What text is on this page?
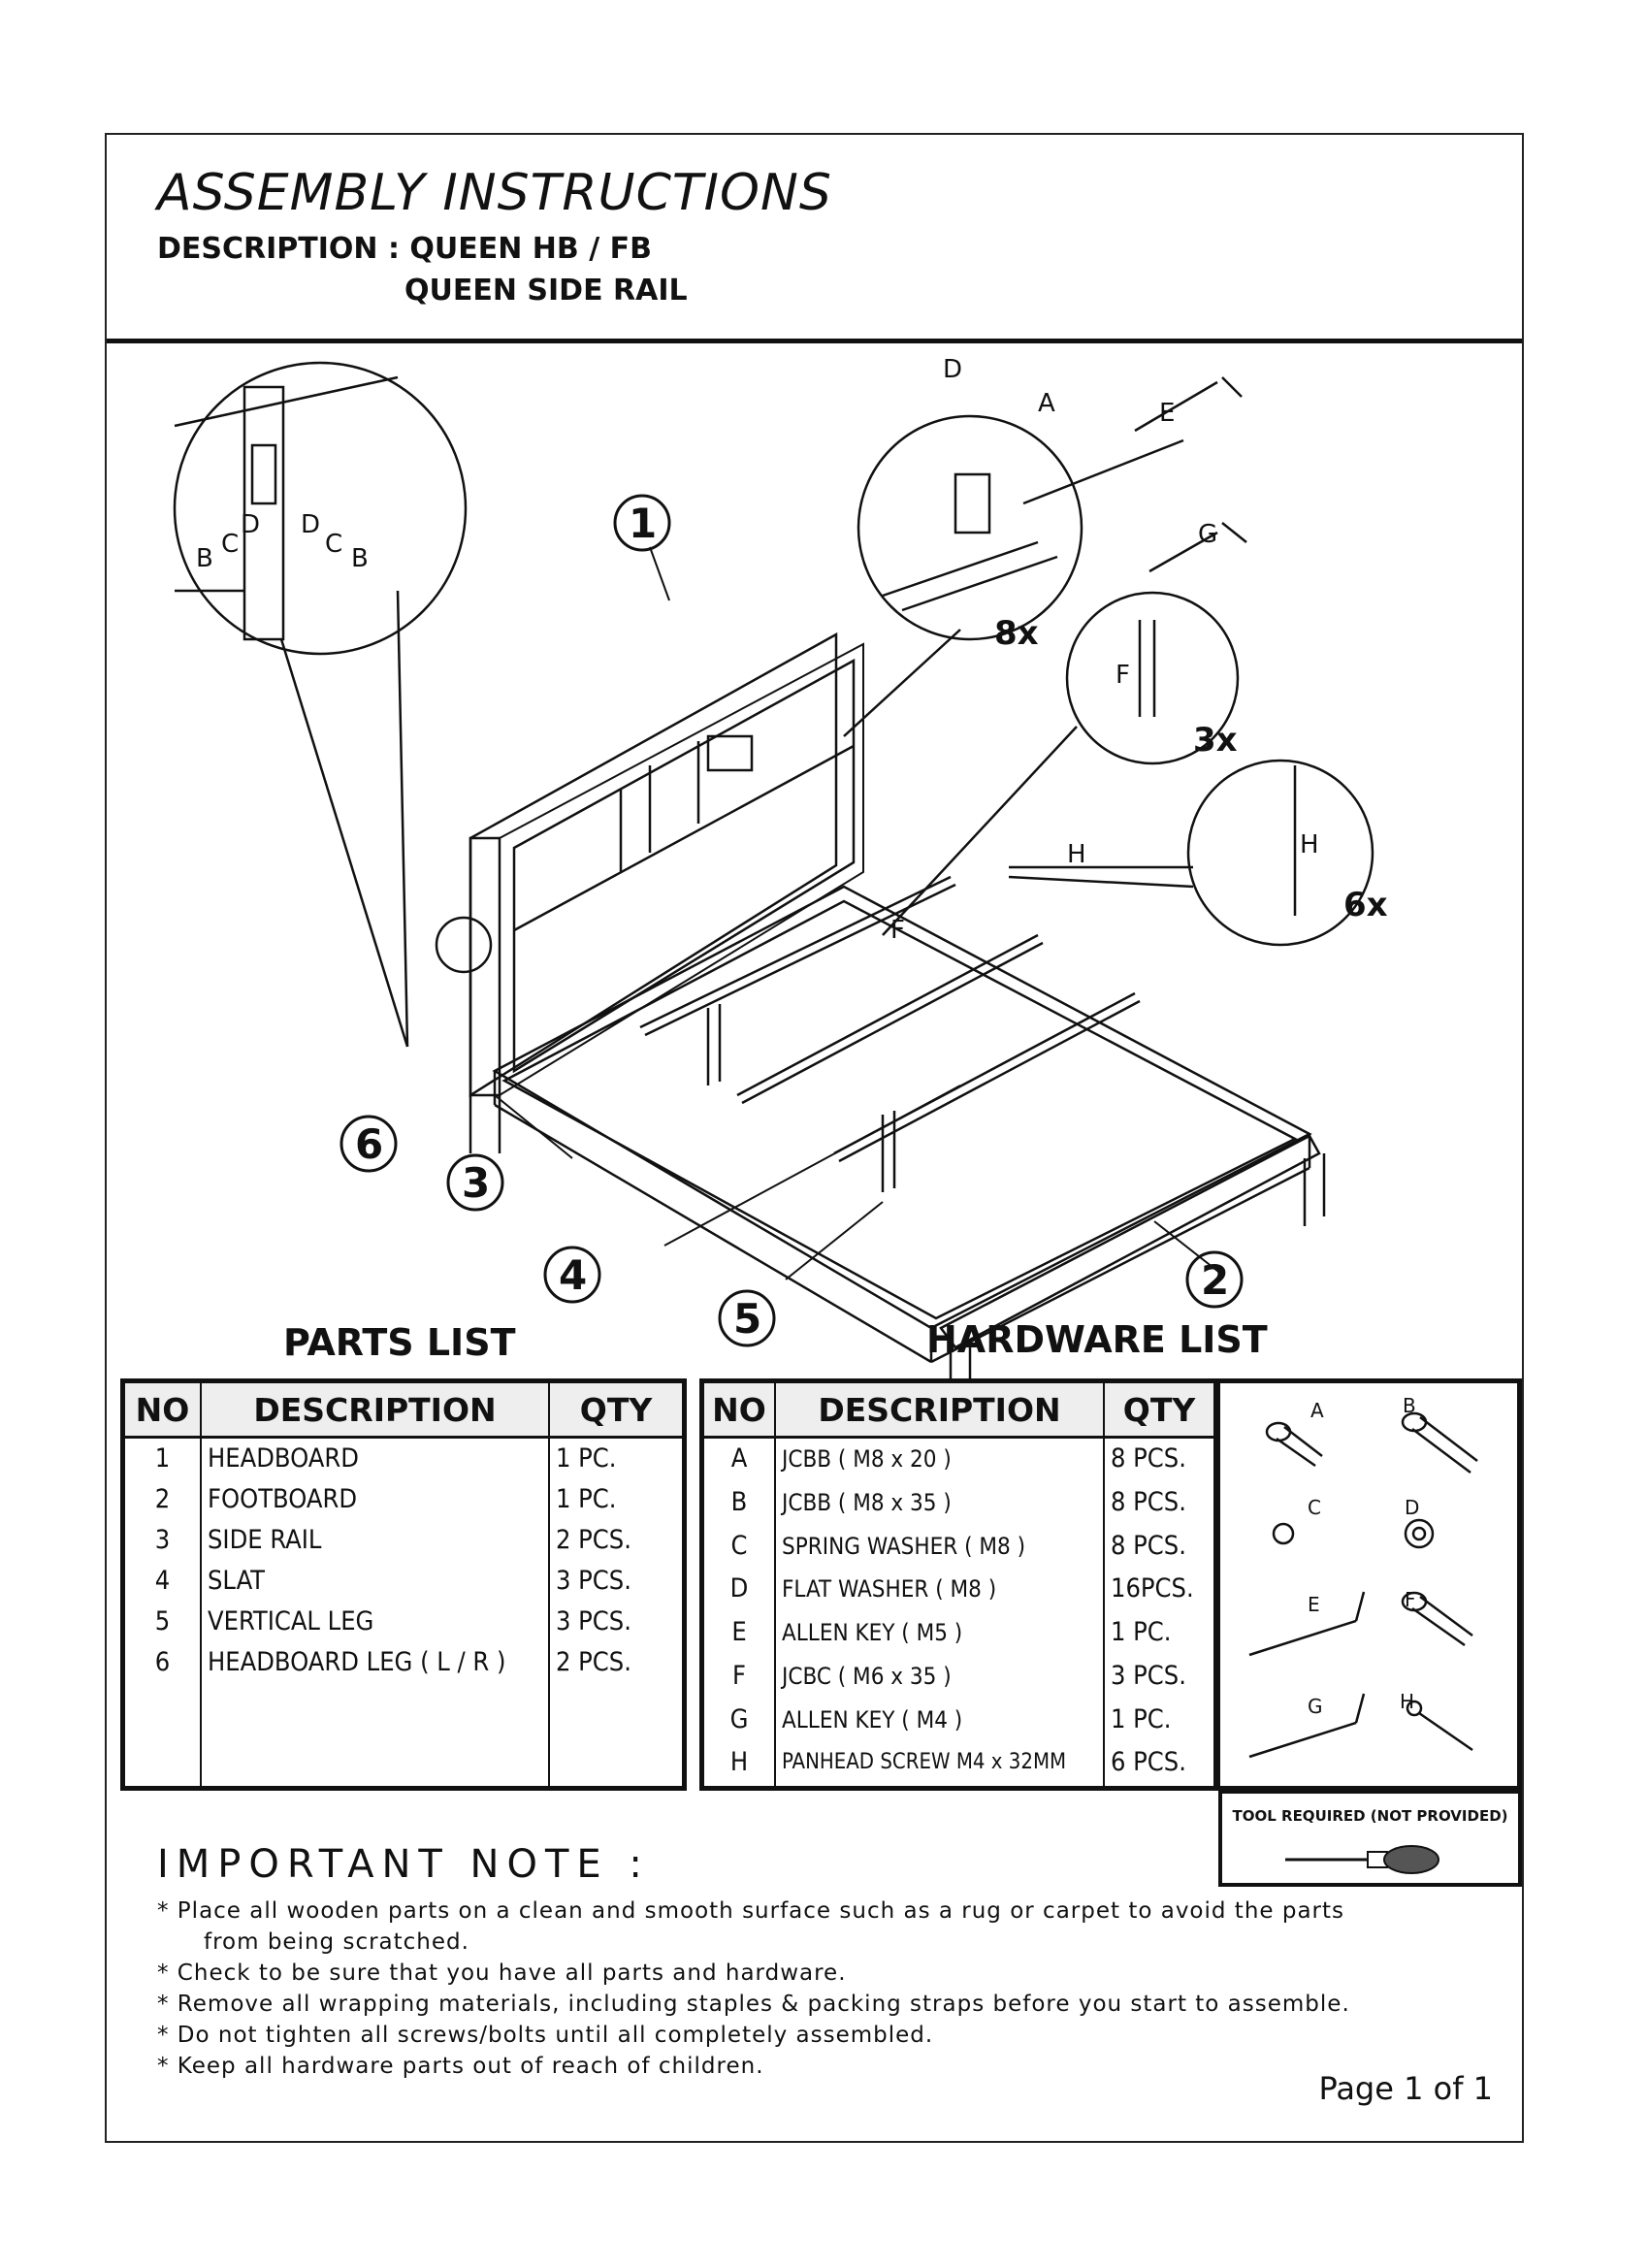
ASSEMBLY INSTRUCTIONS
DESCRIPTION : QUEEN HB / FB
QUEEN SIDE RAIL
1
2
3
4
5
6
8x
3x
6x
B C
D D
C B
D
A	E
G
F
H
F
H
PARTS LIST	HARDWARE LIST
NO	DESCRIPTION	QTY
1	HEADBOARD	1 PC.
2	FOOTBOARD	1 PC.
3	SIDE RAIL	2 PCS.
4	SLAT	3 PCS.
5	VERTICAL LEG	3 PCS.
6	HEADBOARD LEG ( L / R )	2 PCS.

NO	DESCRIPTION	QTY
A	JCBB ( M8 x 20 )	8 PCS.
B	JCBB ( M8 x 35 )	8 PCS.
C	SPRING WASHER ( M8 )	8 PCS.
D	FLAT WASHER ( M8 )	16PCS.
E	ALLEN KEY ( M5 )	1 PC.
F	JCBC ( M6 x 35 )	3 PCS.
G	ALLEN KEY ( M4 )	1 PC.
H	PANHEAD SCREW M4 x 32MM	6 PCS.
A	B
C	D
E	F
G	H
TOOL REQUIRED (NOT PROVIDED)
IMPORTANT NOTE :
* Place all wooden parts on a clean and smooth surface such as a rug or carpet to avoid the parts
from being scratched.
* Check to be sure that you have all parts and hardware.
* Remove all wrapping materials, including staples & packing straps before you start to assemble.
* Do not tighten all screws/bolts until all completely assembled.
* Keep all hardware parts out of reach of children.
Page 1 of 1
